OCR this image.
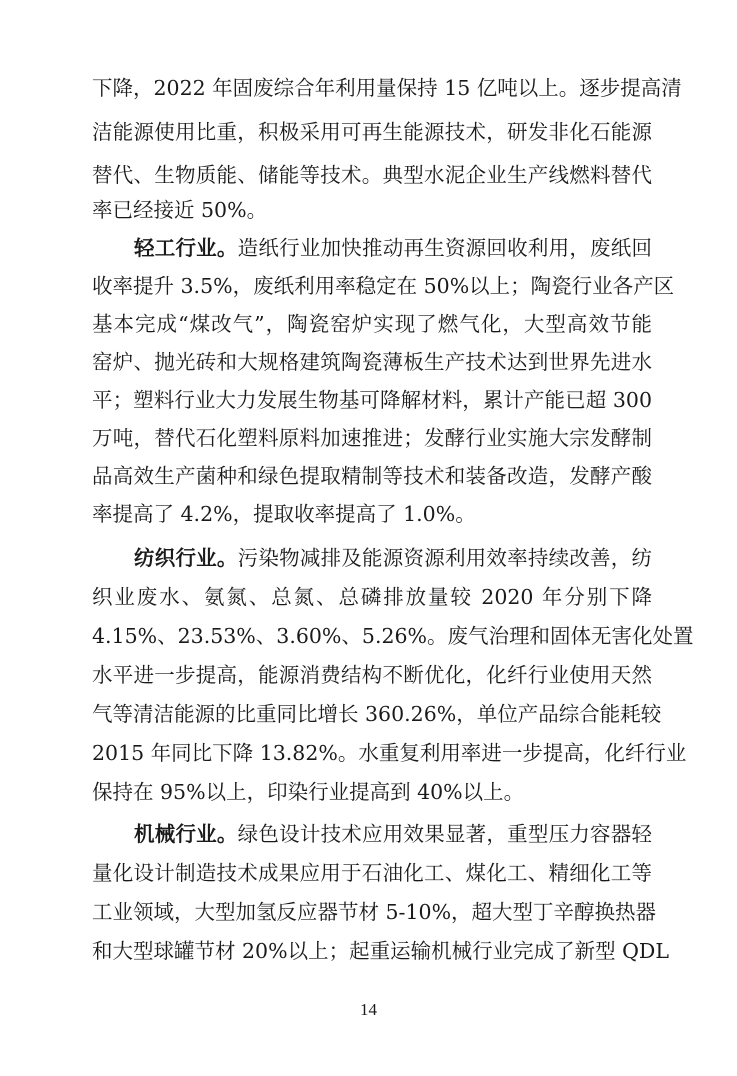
下降，2022 年固废综合年利用量保持 15 亿吨以上。逐步提高清
洁能源使用比重，积极采用可再生能源技术，研发非化石能源
替代、生物质能、储能等技术。典型水泥企业生产线燃料替代
率已经接近 50%。
轻工行业。造纸行业加快推动再生资源回收利用，废纸回
收率提升 3.5%，废纸利用率稳定在 50%以上；陶瓷行业各产区
基本完成“煤改气”，陶瓷窑炉实现了燃气化，大型高效节能
窑炉、抛光砖和大规格建筑陶瓷薄板生产技术达到世界先进水
平；塑料行业大力发展生物基可降解材料，累计产能已超 300
万吨，替代石化塑料原料加速推进；发酵行业实施大宗发酵制
品高效生产菌种和绿色提取精制等技术和装备改造，发酵产酸
率提高了 4.2%，提取收率提高了 1.0%。
纺织行业。污染物减排及能源资源利用效率持续改善，纺
织业废水、氨氮、总氮、总磷排放量较 2020 年分别下降
4.15%、23.53%、3.60%、5.26%。废气治理和固体无害化处置
水平进一步提高，能源消费结构不断优化，化纤行业使用天然
气等清洁能源的比重同比增长 360.26%，单位产品综合能耗较
2015 年同比下降 13.82%。水重复利用率进一步提高，化纤行业
保持在 95%以上，印染行业提高到 40%以上。
机械行业。绿色设计技术应用效果显著，重型压力容器轻
量化设计制造技术成果应用于石油化工、煤化工、精细化工等
工业领域，大型加氢反应器节材 5-10%，超大型丁辛醇换热器
和大型球罐节材 20%以上；起重运输机械行业完成了新型 QDL
14
